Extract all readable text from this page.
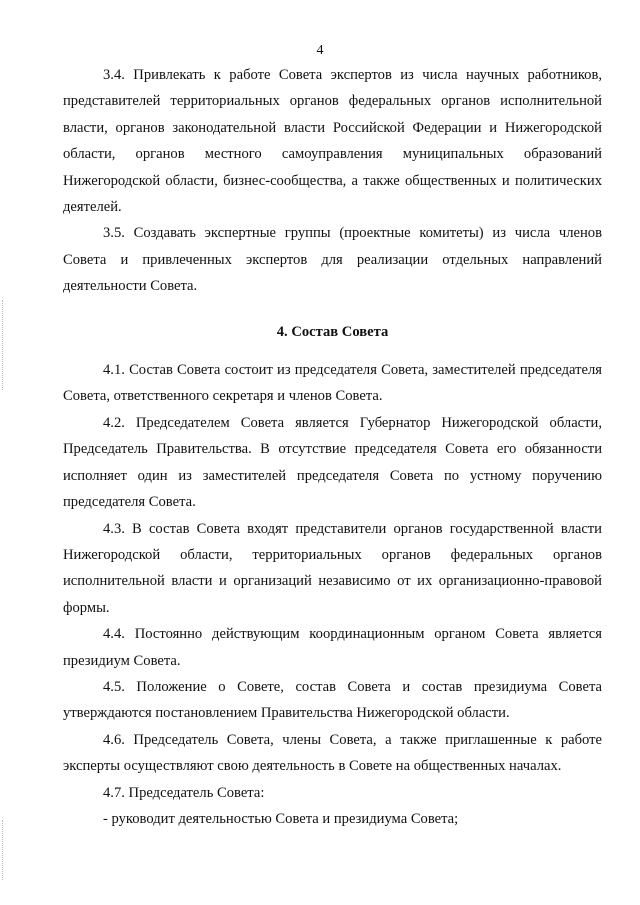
4

3.4. Привлекать к работе Совета экспертов из числа научных работников, представителей территориальных органов федеральных органов исполнительной власти, органов законодательной власти Российской Федерации и Нижегородской области, органов местного самоуправления муниципальных образований Нижегородской области, бизнес-сообщества, а также общественных и политических деятелей.

3.5. Создавать экспертные группы (проектные комитеты) из числа членов Совета и привлеченных экспертов для реализации отдельных направлений деятельности Совета.

4. Состав Совета

4.1. Состав Совета состоит из председателя Совета, заместителей председателя Совета, ответственного секретаря и членов Совета.

4.2. Председателем Совета является Губернатор Нижегородской области, Председатель Правительства. В отсутствие председателя Совета его обязанности исполняет один из заместителей председателя Совета по устному поручению председателя Совета.

4.3. В состав Совета входят представители органов государственной власти Нижегородской области, территориальных органов федеральных органов исполнительной власти и организаций независимо от их организационно-правовой формы.

4.4. Постоянно действующим координационным органом Совета является президиум Совета.

4.5. Положение о Совете, состав Совета и состав президиума Совета утверждаются постановлением Правительства Нижегородской области.

4.6. Председатель Совета, члены Совета, а также приглашенные к работе эксперты осуществляют свою деятельность в Совете на общественных началах.

4.7. Председатель Совета:

- руководит деятельностью Совета и президиума Совета;
